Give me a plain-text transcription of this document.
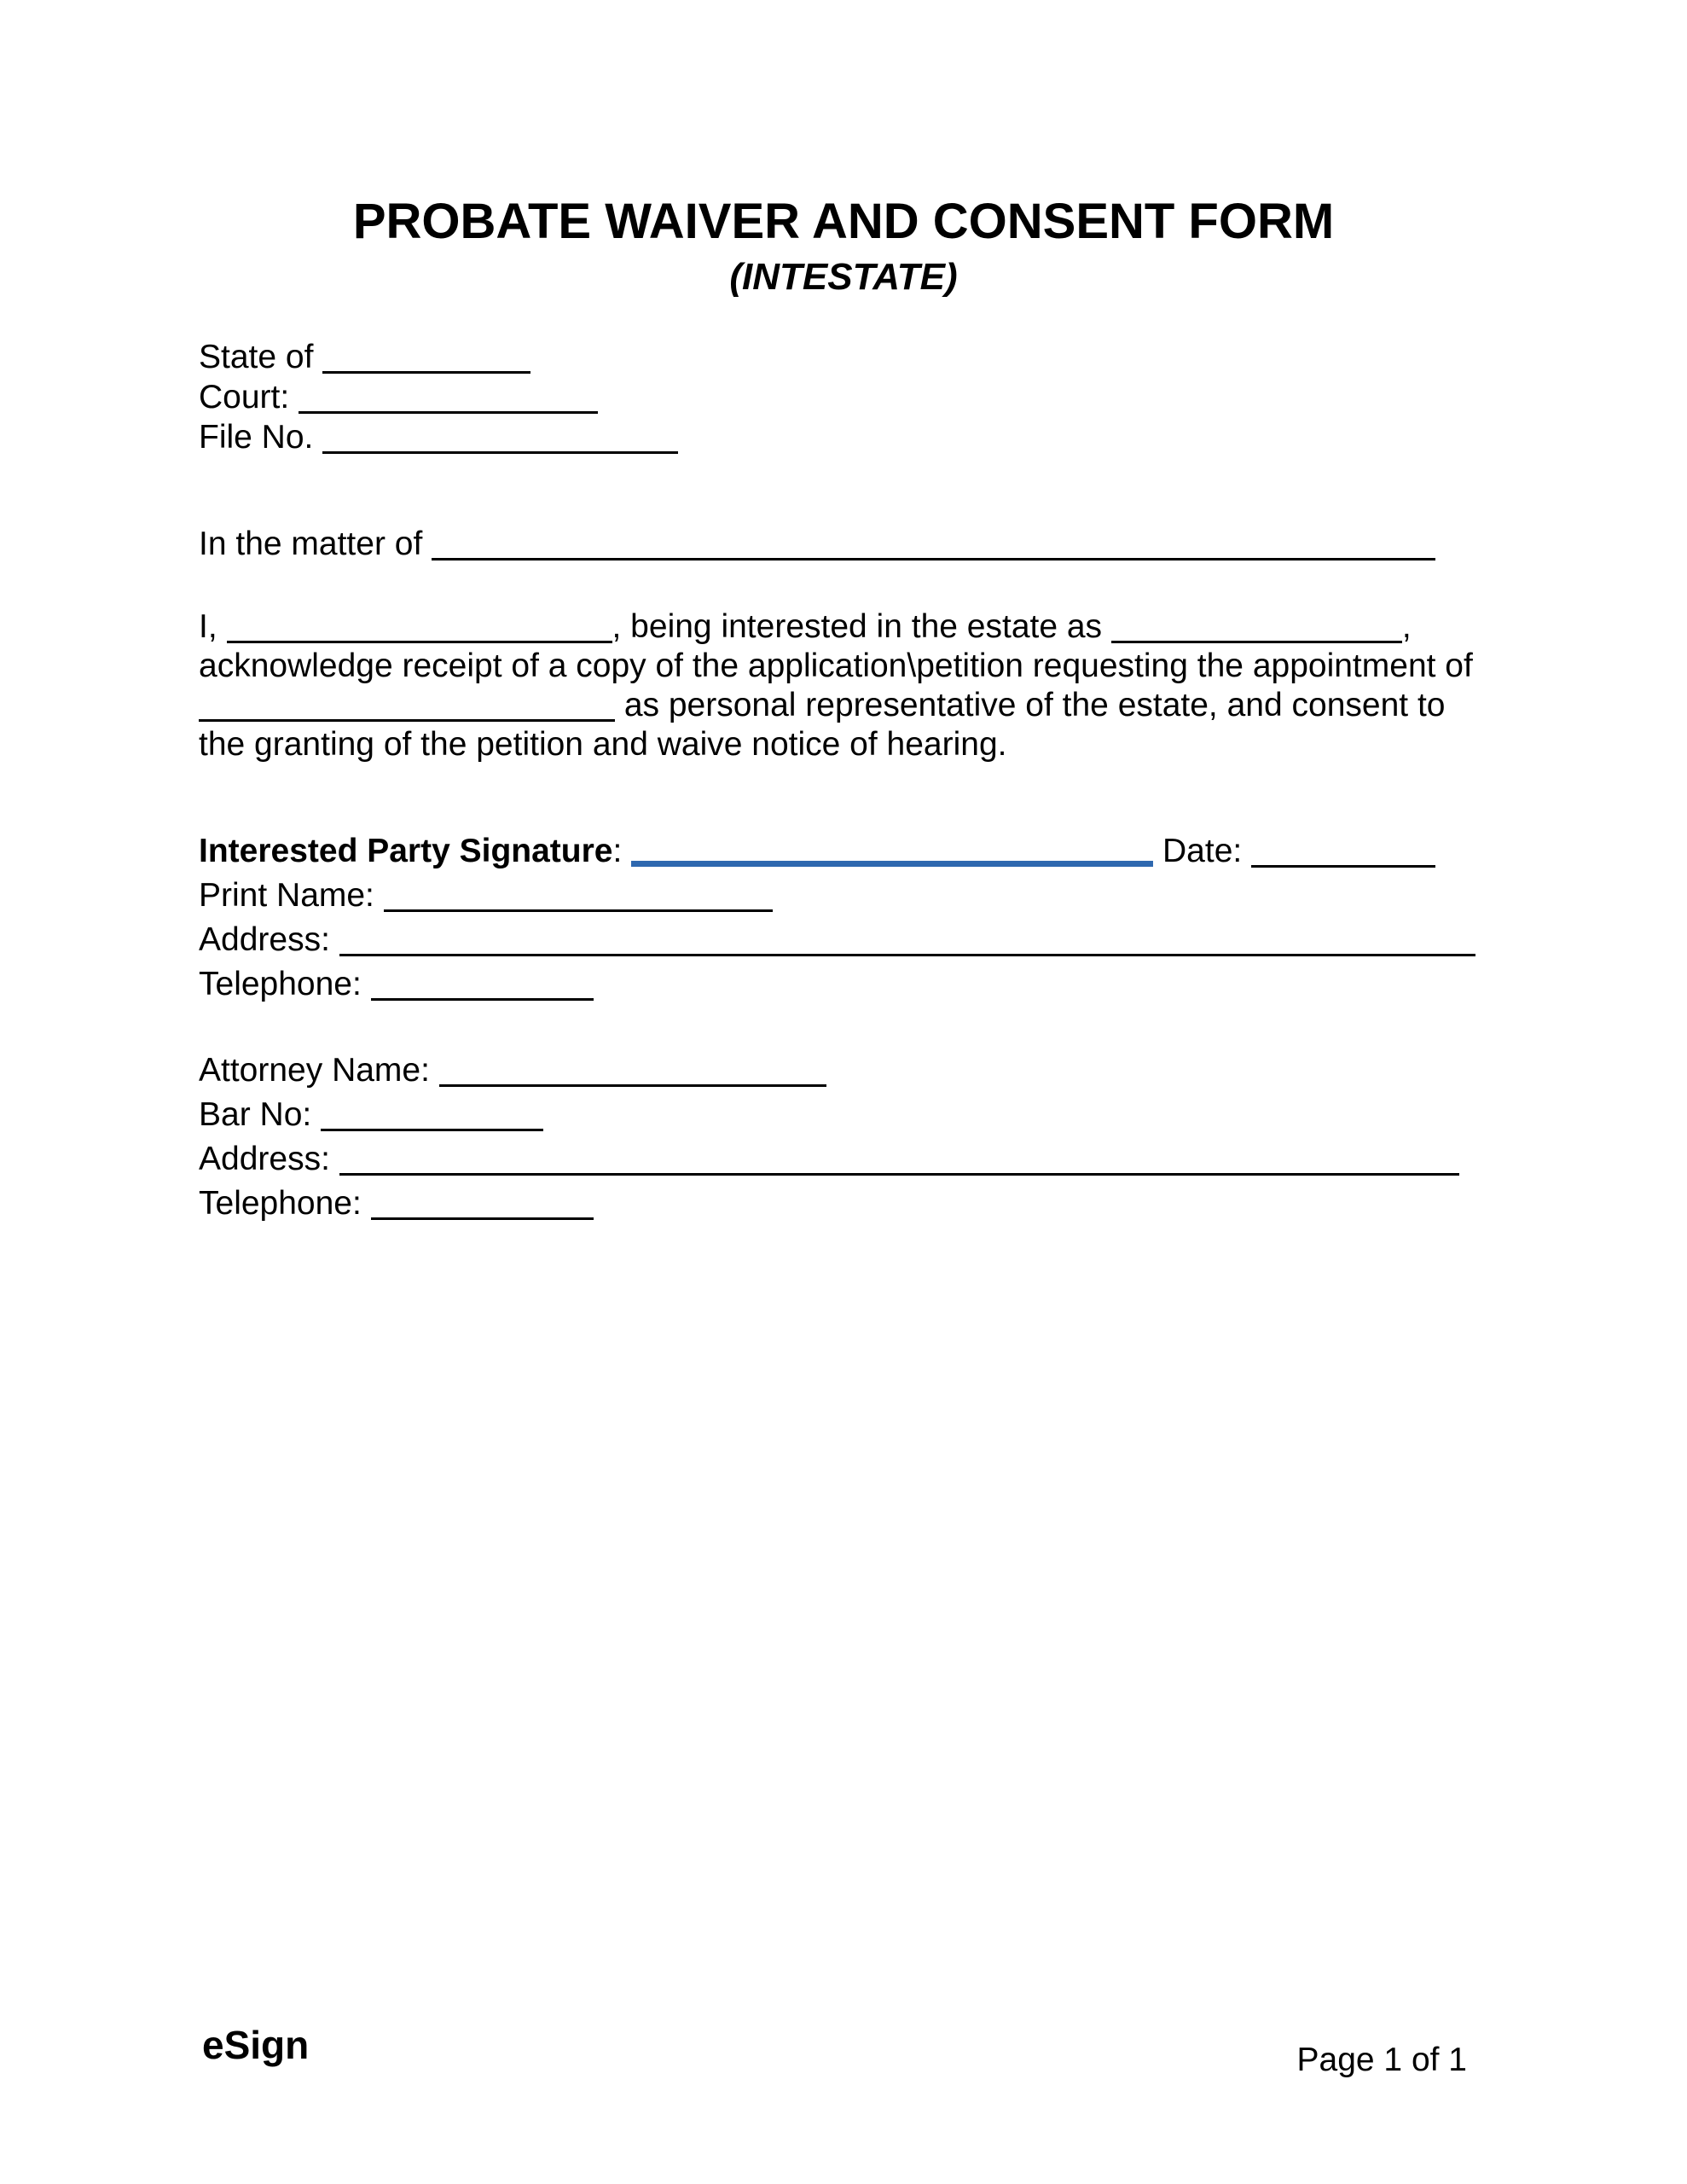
PROBATE WAIVER AND CONSENT FORM
(INTESTATE)
State of
Court:
File No.
In the matter of

I,	, being interested in the estate as	, acknowledge receipt of a copy of the application\petition requesting the appointment of  as personal representative of the estate, and consent to the granting of the petition and waive notice of hearing.

Interested Party Signature:	Date:
Print Name:
Address:
Telephone:
Attorney Name:
Bar No:
Address:
Telephone:
eSign	Page 1 of 1
